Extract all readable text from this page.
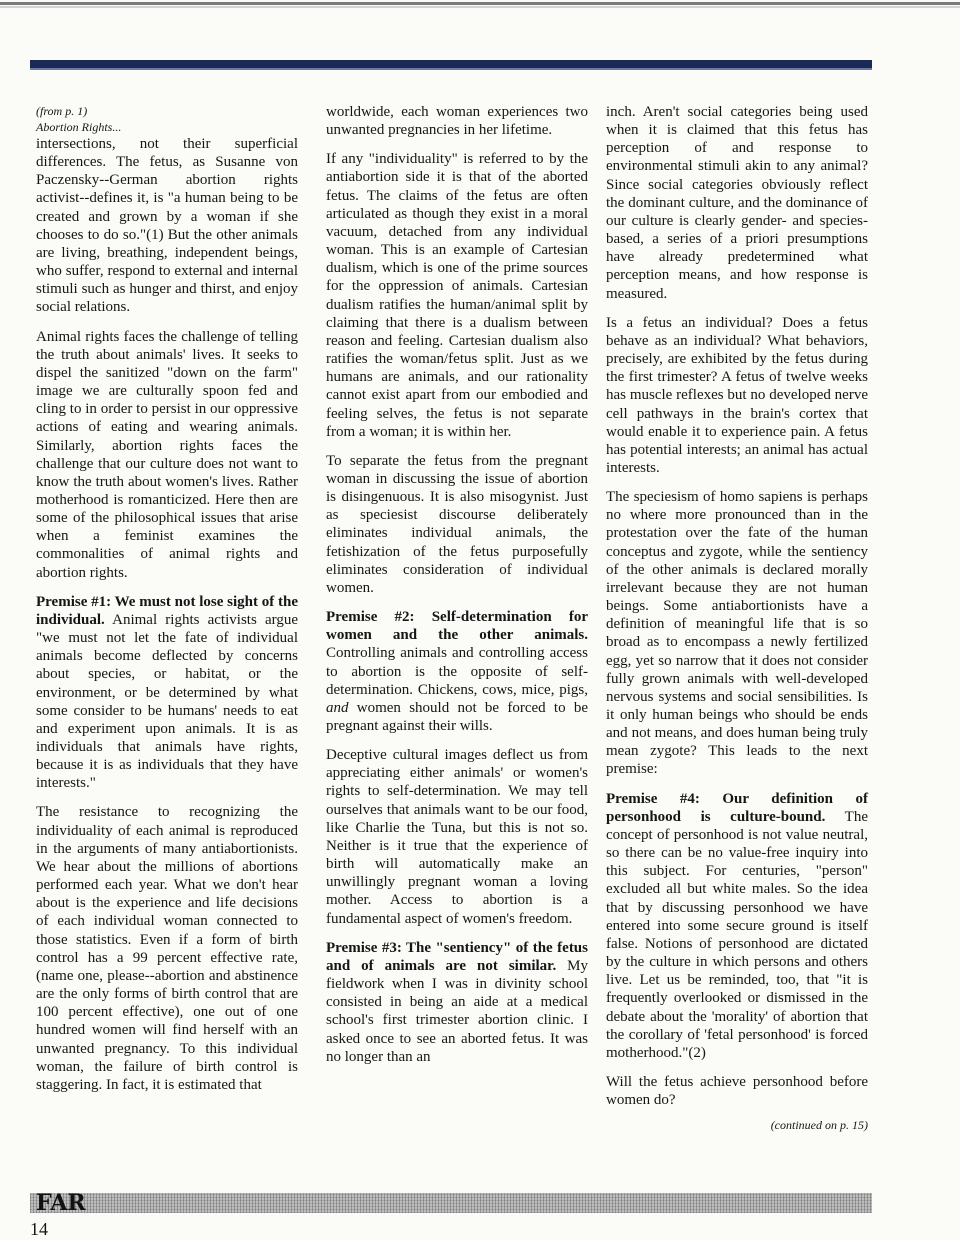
(from p. 1)
Abortion Rights...

intersections, not their superficial differences. The fetus, as Susanne von Paczensky--German abortion rights activist--defines it, is "a human being to be created and grown by a woman if she chooses to do so."(1) But the other animals are living, breathing, independent beings, who suffer, respond to external and internal stimuli such as hunger and thirst, and enjoy social relations.

Animal rights faces the challenge of telling the truth about animals' lives. It seeks to dispel the sanitized "down on the farm" image we are culturally spoon fed and cling to in order to persist in our oppressive actions of eating and wearing animals. Similarly, abortion rights faces the challenge that our culture does not want to know the truth about women's lives. Rather motherhood is romanticized. Here then are some of the philosophical issues that arise when a feminist examines the commonalities of animal rights and abortion rights.

Premise #1: We must not lose sight of the individual. Animal rights activists argue "we must not let the fate of individual animals become deflected by concerns about species, or habitat, or the environment, or be determined by what some consider to be humans' needs to eat and experiment upon animals. It is as individuals that animals have rights, because it is as individuals that they have interests."

The resistance to recognizing the individuality of each animal is reproduced in the arguments of many antiabortionists. We hear about the millions of abortions performed each year. What we don't hear about is the experience and life decisions of each individual woman connected to those statistics. Even if a form of birth control has a 99 percent effective rate, (name one, please--abortion and abstinence are the only forms of birth control that are 100 percent effective), one out of one hundred women will find herself with an unwanted pregnancy. To this individual woman, the failure of birth control is staggering. In fact, it is estimated that

worldwide, each woman experiences two unwanted pregnancies in her lifetime.

If any "individuality" is referred to by the antiabortion side it is that of the aborted fetus. The claims of the fetus are often articulated as though they exist in a moral vacuum, detached from any individual woman. This is an example of Cartesian dualism, which is one of the prime sources for the oppression of animals. Cartesian dualism ratifies the human/animal split by claiming that there is a dualism between reason and feeling. Cartesian dualism also ratifies the woman/fetus split. Just as we humans are animals, and our rationality cannot exist apart from our embodied and feeling selves, the fetus is not separate from a woman; it is within her.

To separate the fetus from the pregnant woman in discussing the issue of abortion is disingenuous. It is also misogynist. Just as speciesist discourse deliberately eliminates individual animals, the fetishization of the fetus purposefully eliminates consideration of individual women.

Premise #2: Self-determination for women and the other animals. Controlling animals and controlling access to abortion is the opposite of self-determination. Chickens, cows, mice, pigs, and women should not be forced to be pregnant against their wills.

Deceptive cultural images deflect us from appreciating either animals' or women's rights to self-determination. We may tell ourselves that animals want to be our food, like Charlie the Tuna, but this is not so. Neither is it true that the experience of birth will automatically make an unwillingly pregnant woman a loving mother. Access to abortion is a fundamental aspect of women's freedom.

Premise #3: The "sentiency" of the fetus and of animals are not similar. My fieldwork when I was in divinity school consisted in being an aide at a medical school's first trimester abortion clinic. I asked once to see an aborted fetus. It was no longer than an

inch. Aren't social categories being used when it is claimed that this fetus has perception of and response to environmental stimuli akin to any animal? Since social categories obviously reflect the dominant culture, and the dominance of our culture is clearly gender- and species-based, a series of a priori presumptions have already predetermined what perception means, and how response is measured.

Is a fetus an individual? Does a fetus behave as an individual? What behaviors, precisely, are exhibited by the fetus during the first trimester? A fetus of twelve weeks has muscle reflexes but no developed nerve cell pathways in the brain's cortex that would enable it to experience pain. A fetus has potential interests; an animal has actual interests.

The speciesism of homo sapiens is perhaps no where more pronounced than in the protestation over the fate of the human conceptus and zygote, while the sentiency of the other animals is declared morally irrelevant because they are not human beings. Some antiabortionists have a definition of meaningful life that is so broad as to encompass a newly fertilized egg, yet so narrow that it does not consider fully grown animals with well-developed nervous systems and social sensibilities. Is it only human beings who should be ends and not means, and does human being truly mean zygote? This leads to the next premise:

Premise #4: Our definition of personhood is culture-bound. The concept of personhood is not value neutral, so there can be no value-free inquiry into this subject. For centuries, "person" excluded all but white males. So the idea that by discussing personhood we have entered into some secure ground is itself false. Notions of personhood are dictated by the culture in which persons and others live. Let us be reminded, too, that "it is frequently overlooked or dismissed in the debate about the 'morality' of abortion that the corollary of 'fetal personhood' is forced motherhood."(2)

Will the fetus achieve personhood before women do?

(continued on p. 15)
FAR
14
